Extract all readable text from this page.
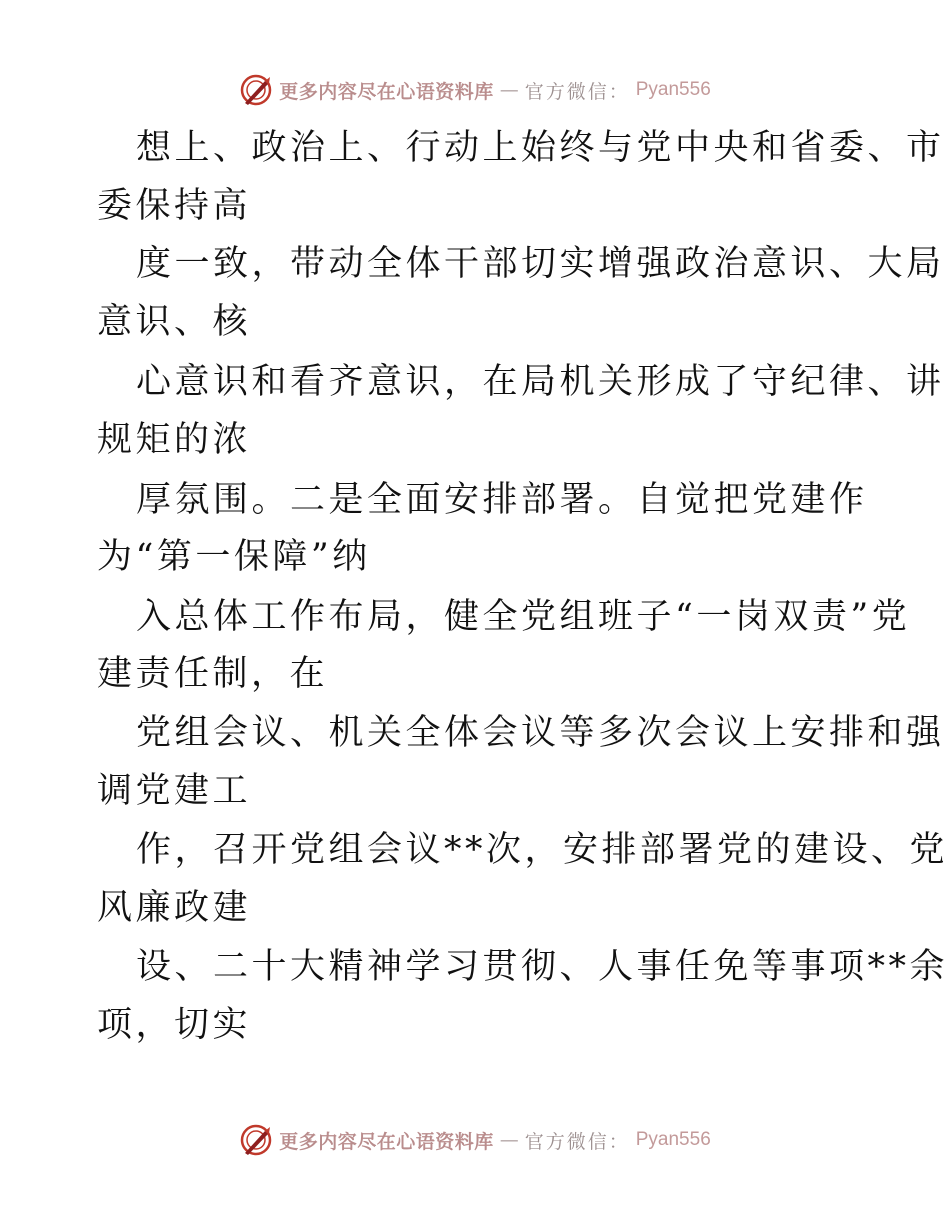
更多内容尽在心语资料库 — 官方微信： Pyan556
想上、政治上、行动上始终与党中央和省委、市
委保持高
度一致，带动全体干部切实增强政治意识、大局
意识、核
心意识和看齐意识，在局机关形成了守纪律、讲
规矩的浓
厚氛围。二是全面安排部署。自觉把党建作
为“第一保障”纳
入总体工作布局，健全党组班子“一岗双责”党
建责任制，在
党组会议、机关全体会议等多次会议上安排和强
调党建工
作，召开党组会议**次，安排部署党的建设、党
风廉政建
设、二十大精神学习贯彻、人事任免等事项**余
项，切实
更多内容尽在心语资料库 — 官方微信： Pyan556
